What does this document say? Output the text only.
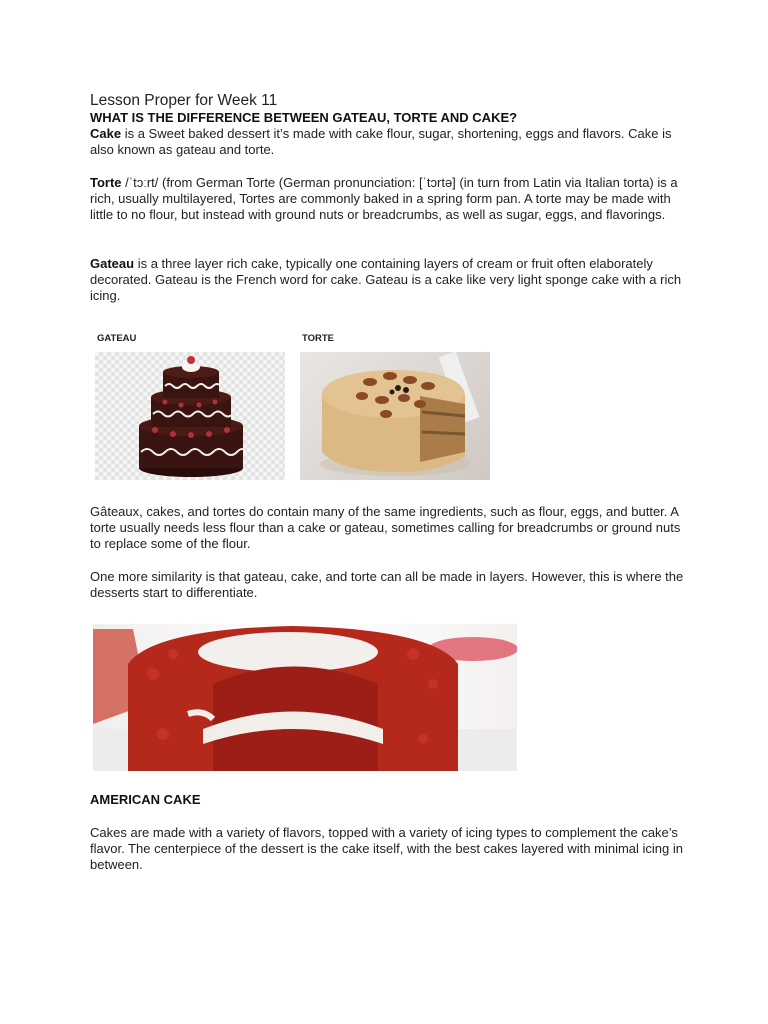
Lesson Proper for Week 11
WHAT IS THE DIFFERENCE BETWEEN GATEAU, TORTE AND CAKE?
Cake is a Sweet baked dessert it’s made with cake flour, sugar, shortening, eggs and flavors. Cake is also known as gateau and torte.
Torte /ˈtɔːrt/ (from German Torte (German pronunciation: [ˈtɔrtə] (in turn from Latin via Italian torta) is a rich, usually multilayered, Tortes are commonly baked in a spring form pan. A torte may be made with little to no flour, but instead with ground nuts or breadcrumbs, as well as sugar, eggs, and flavorings.
Gateau is a three layer rich cake, typically one containing layers of cream or fruit often elaborately decorated. Gateau is the French word for cake. Gateau is a cake like very light sponge cake with a rich icing.
GATEAU	TORTE
Gâteaux, cakes, and tortes do contain many of the same ingredients, such as flour, eggs, and butter. A torte usually needs less flour than a cake or gateau, sometimes calling for breadcrumbs or ground nuts to replace some of the flour.
One more similarity is that gateau, cake, and torte can all be made in layers. However, this is where the desserts start to differentiate.
AMERICAN CAKE
Cakes are made with a variety of flavors, topped with a variety of icing types to complement the cake’s flavor. The centerpiece of the dessert is the cake itself, with the best cakes layered with minimal icing in between.
